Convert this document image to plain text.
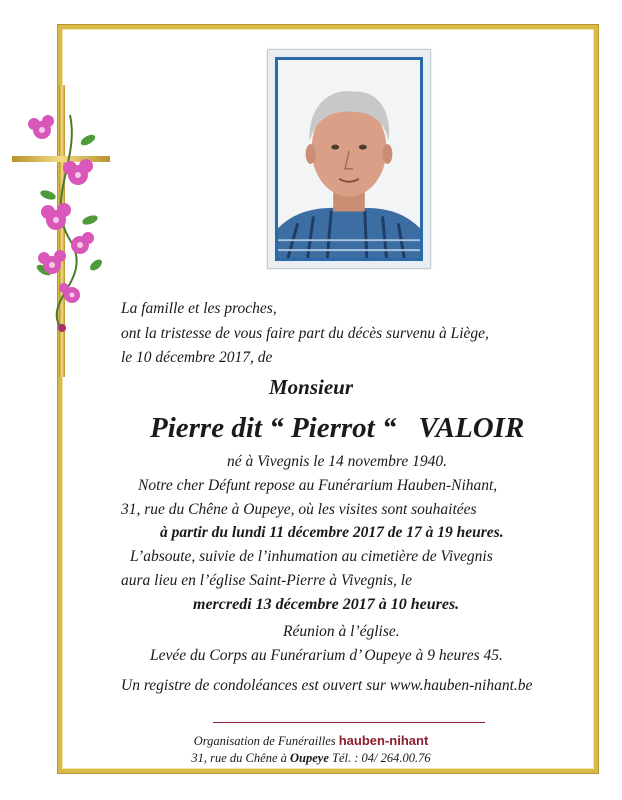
La famille et les proches,
ont la tristesse de vous faire part du décès survenu à Liège,
le 10 décembre 2017, de
Monsieur
Pierre dit “ Pierrot “ VALOIR
né à Vivegnis le 14 novembre 1940.
Notre cher Défunt repose au Funérarium Hauben-Nihant,
31, rue du Chêne à Oupeye, où les visites sont souhaitées
à partir du lundi 11 décembre 2017 de 17 à 19 heures.
L’absoute, suivie de l’inhumation au cimetière de Vivegnis
aura lieu en l’église Saint-Pierre à Vivegnis, le
mercredi 13 décembre 2017 à 10 heures.
Réunion à l’église.
Levée du Corps au Funérarium d’ Oupeye à 9 heures 45.
Un registre de condoléances est ouvert sur www.hauben-nihant.be
Organisation de Funérailles hauben-nihant
31, rue du Chêne à Oupeye Tél. : 04/ 264.00.76
